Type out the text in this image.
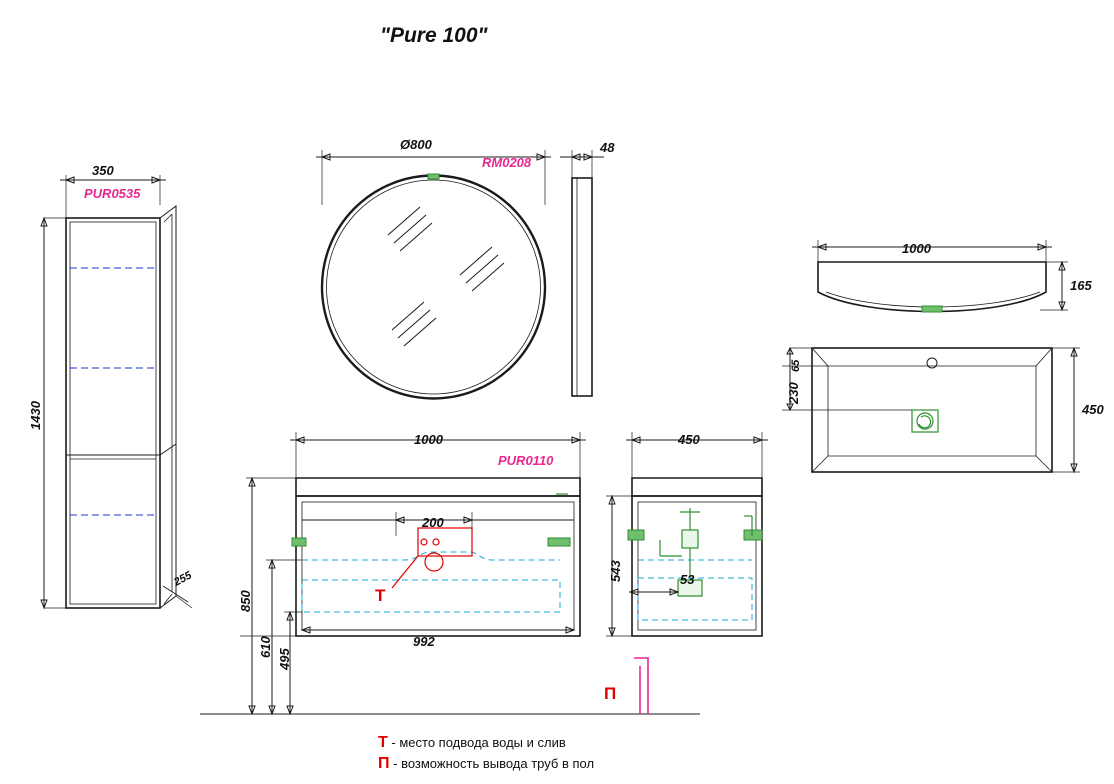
"Pure 100"
350
PUR0535
1430
255
Ø800
RM0208
48
1000
165
65
230
450
1000
PUR0110
200
992
850
610
495
450
543	53
Т
П
Т - место подвода воды и слив
П - возможность вывода труб в пол
